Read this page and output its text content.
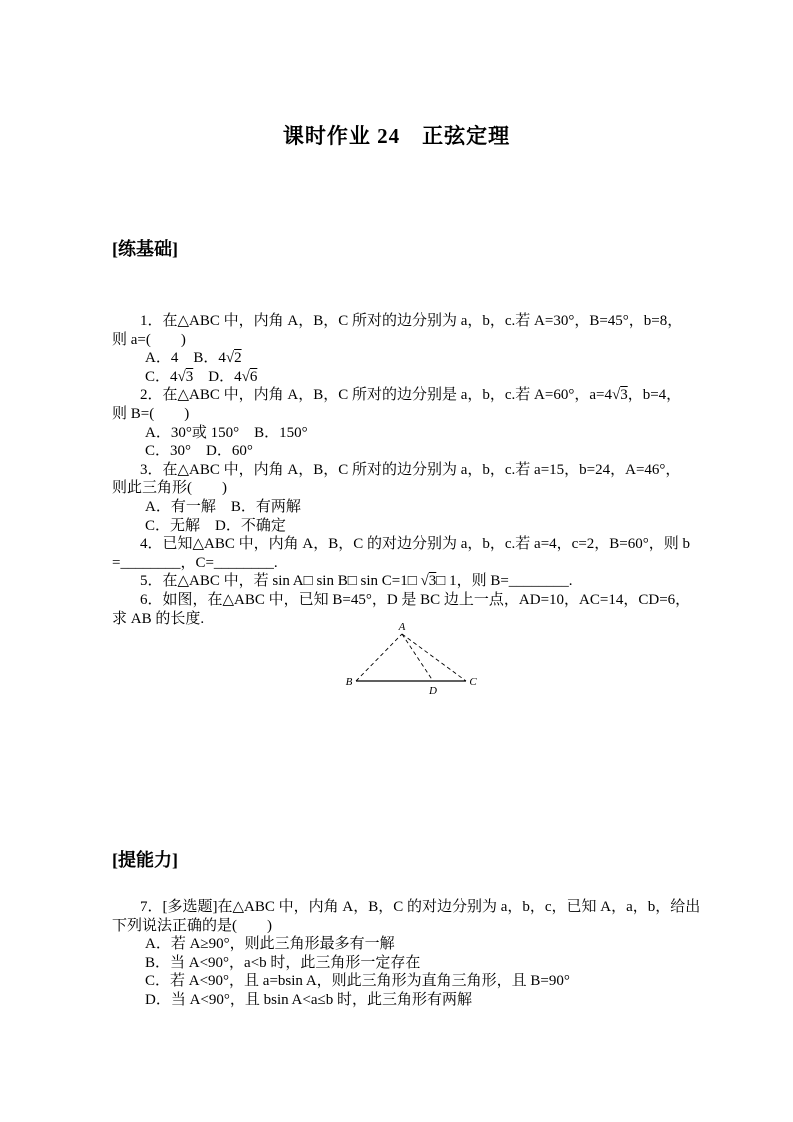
课时作业 24　正弦定理
[练基础]
1．在△ABC 中，内角 A，B，C 所对的边分别为 a，b，c.若 A=30°，B=45°，b=8，
则 a=(　　)
A．4　B．4√2
C．4√3　D．4√6
2．在△ABC 中，内角 A，B，C 所对的边分别是 a，b，c.若 A=60°，a=4√3，b=4，
则 B=(　　)
A．30°或 150°　B．150°
C．30°　D．60°
3．在△ABC 中，内角 A，B，C 所对的边分别为 a，b，c.若 a=15，b=24，A=46°，
则此三角形(　　)
A．有一解　B．有两解
C．无解　D．不确定
4．已知△ABC 中，内角 A，B，C 的对边分别为 a，b，c.若 a=4，c=2，B=60°，则 b
=________，C=________.
5．在△ABC 中，若 sin A□ sin B□ sin C=1□ √3□ 1，则 B=________.
6．如图，在△ABC 中，已知 B=45°，D 是 BC 边上一点，AD=10，AC=14，CD=6，
求 AB 的长度.
A
B	C
D
[提能力]
7．[多选题]在△ABC 中，内角 A，B，C 的对边分别为 a，b，c，已知 A，a，b，给出
下列说法正确的是(　　)
A．若 A≥90°，则此三角形最多有一解
B．当 A<90°，a<b 时，此三角形一定存在
C．若 A<90°，且 a=bsin A，则此三角形为直角三角形，且 B=90°
D．当 A<90°，且 bsin A<a≤b 时，此三角形有两解
